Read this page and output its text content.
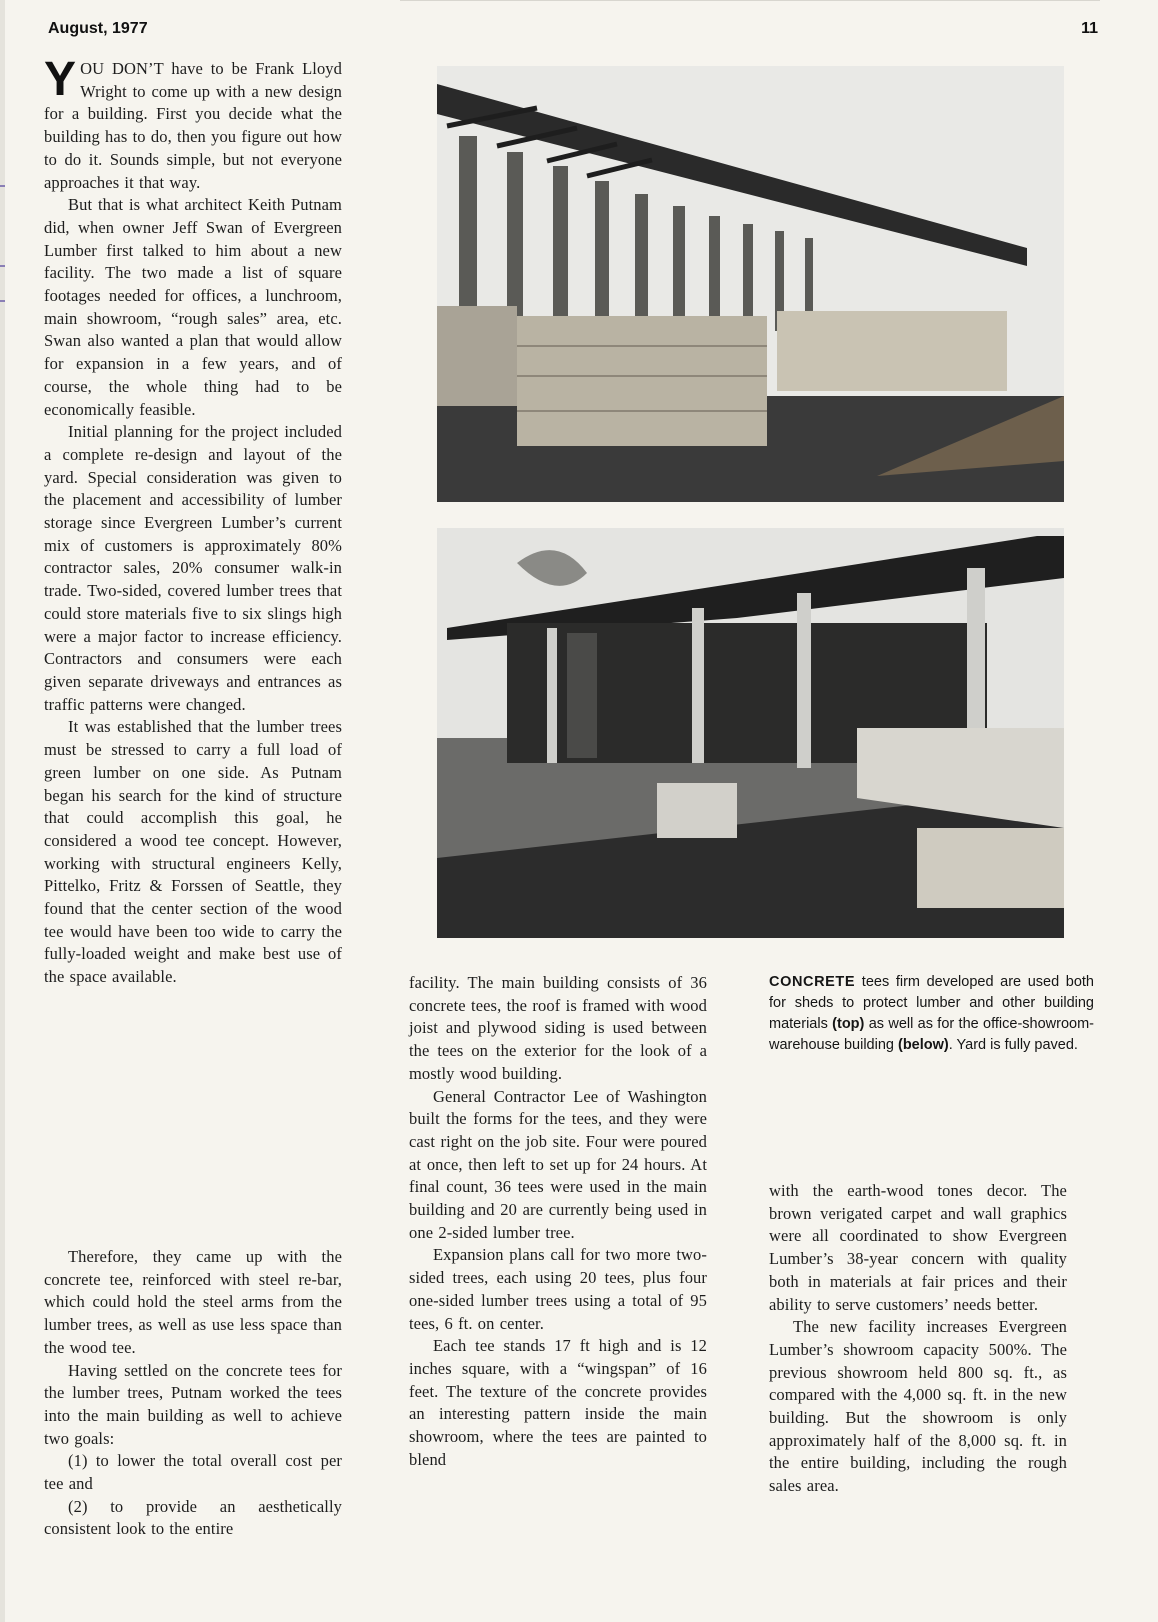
August, 1977	11

YOU DON’T have to be Frank Lloyd Wright to come up with a new design for a building. First you decide what the building has to do, then you figure out how to do it. Sounds simple, but not everyone approaches it that way.

But that is what architect Keith Putnam did, when owner Jeff Swan of Evergreen Lumber first talked to him about a new facility. The two made a list of square footages needed for offices, a lunchroom, main showroom, “rough sales” area, etc. Swan also wanted a plan that would allow for expansion in a few years, and of course, the whole thing had to be economically feasible.

Initial planning for the project included a complete re-design and layout of the yard. Special consideration was given to the placement and accessibility of lumber storage since Evergreen Lumber’s current mix of customers is approximately 80% contractor sales, 20% consumer walk-in trade. Two-sided, covered lumber trees that could store materials five to six slings high were a major factor to increase efficiency. Contractors and consumers were each given separate driveways and entrances as traffic patterns were changed.

It was established that the lumber trees must be stressed to carry a full load of green lumber on one side. As Putnam began his search for the kind of structure that could accomplish this goal, he considered a wood tee concept. However, working with structural engineers Kelly, Pittelko, Fritz & Forssen of Seattle, they found that the center section of the wood tee would have been too wide to carry the fully-loaded weight and make best use of the space available.

Therefore, they came up with the concrete tee, reinforced with steel re-bar, which could hold the steel arms from the lumber trees, as well as use less space than the wood tee.

Having settled on the concrete tees for the lumber trees, Putnam worked the tees into the main building as well to achieve two goals:

(1) to lower the total overall cost per tee and

(2) to provide an aesthetically consistent look to the entire

facility. The main building consists of 36 concrete tees, the roof is framed with wood joist and plywood siding is used between the tees on the exterior for the look of a mostly wood building.

General Contractor Lee of Washington built the forms for the tees, and they were cast right on the job site. Four were poured at once, then left to set up for 24 hours. At final count, 36 tees were used in the main building and 20 are currently being used in one 2-sided lumber tree.

Expansion plans call for two more two-sided trees, each using 20 tees, plus four one-sided lumber trees using a total of 95 tees, 6 ft. on center.

Each tee stands 17 ft high and is 12 inches square, with a “wingspan” of 16 feet. The texture of the concrete provides an interesting pattern inside the main showroom, where the tees are painted to blend

CONCRETE tees firm developed are used both for sheds to protect lumber and other building materials (top) as well as for the office-showroom-warehouse building (below). Yard is fully paved.

with the earth-wood tones decor. The brown verigated carpet and wall graphics were all coordinated to show Evergreen Lumber’s 38-year concern with quality both in materials at fair prices and their ability to serve customers’ needs better.

The new facility increases Evergreen Lumber’s showroom capacity 500%. The previous showroom held 800 sq. ft., as compared with the 4,000 sq. ft. in the new building. But the showroom is only approximately half of the 8,000 sq. ft. in the entire building, including the rough sales area.
